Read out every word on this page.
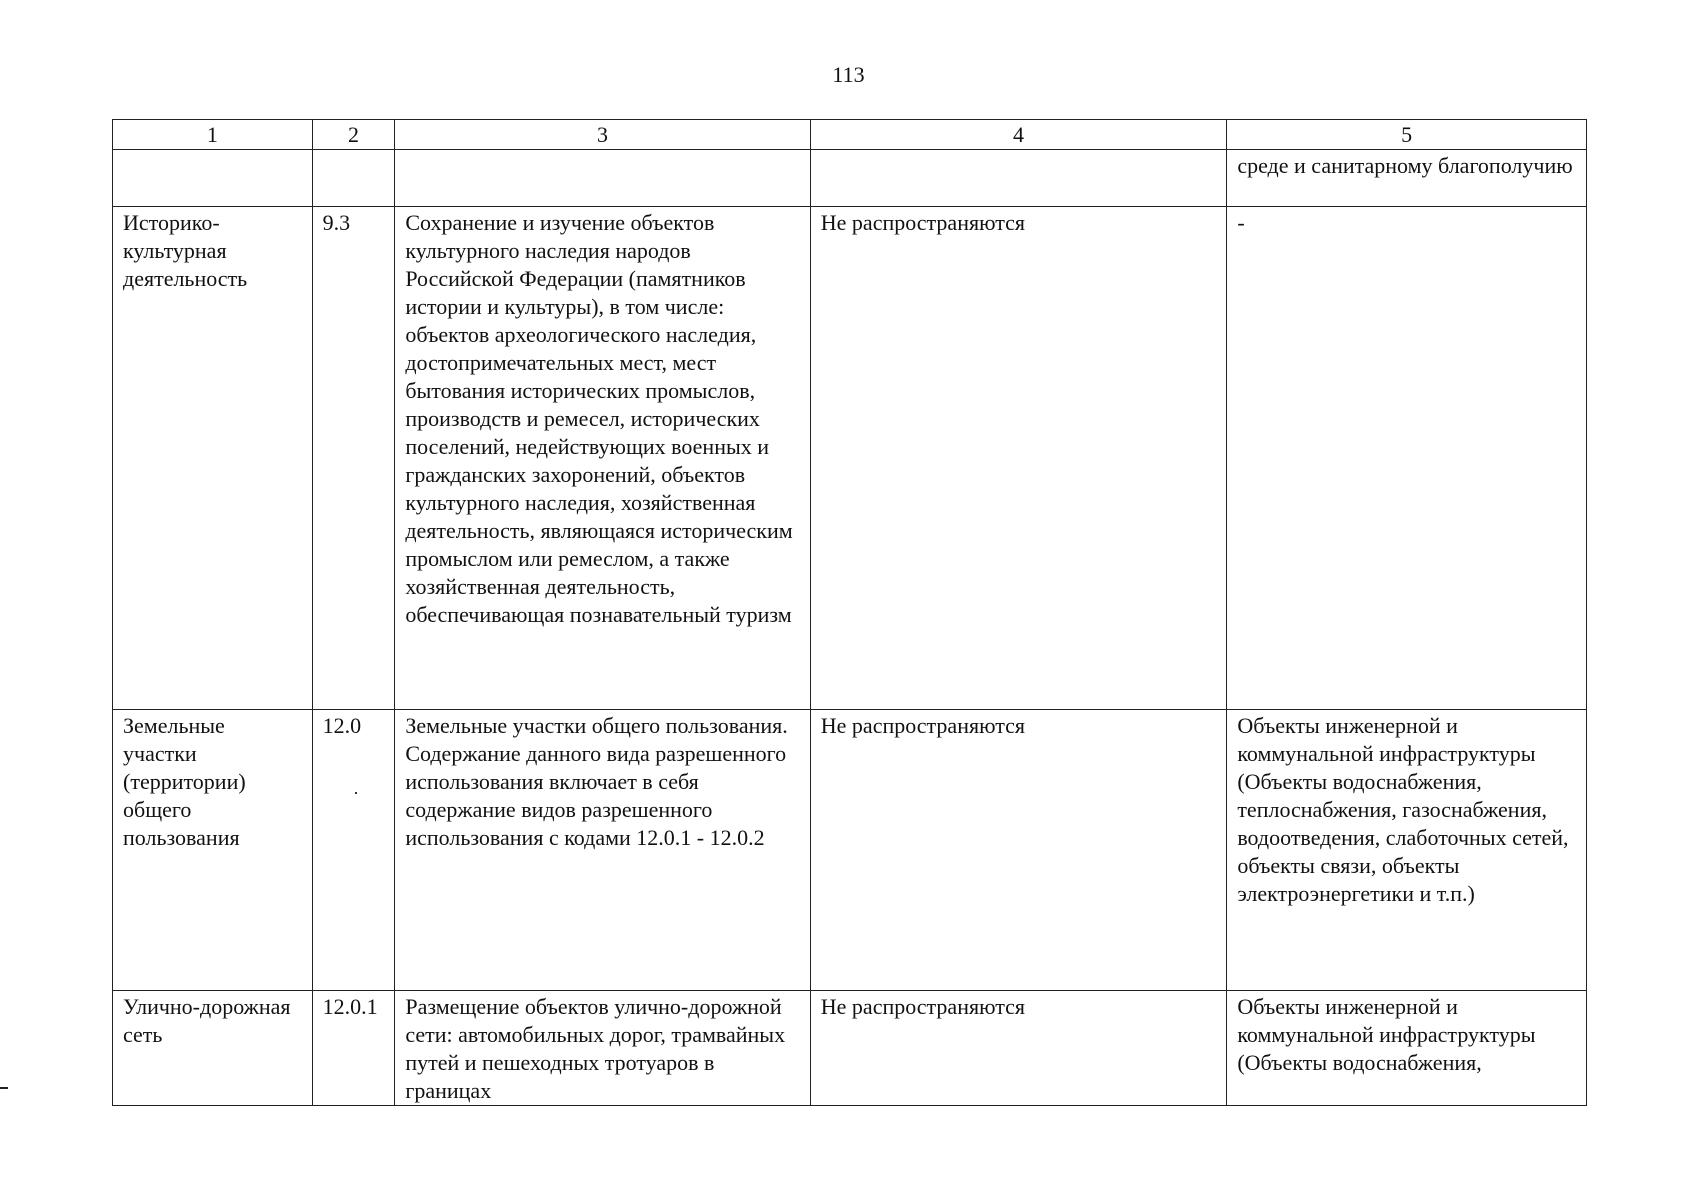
113
1	2	3	4	5
				среде и санитарному благополучию
Историко-культурная деятельность	9.3	Сохранение и изучение объектов культурного наследия народов Российской Федерации (памятников истории и культуры), в том числе: объектов археологического наследия, достопримечательных мест, мест бытования исторических промыслов, производств и ремесел, исторических поселений, недействующих военных и гражданских захоронений, объектов культурного наследия, хозяйственная деятельность, являющаяся историческим промыслом или ремеслом, а также хозяйственная деятельность, обеспечивающая познавательный туризм	Не распространяются	-
Земельные участки (территории) общего пользования	12.0	Земельные участки общего пользования. Содержание данного вида разрешенного использования включает в себя содержание видов разрешенного использования с кодами 12.0.1 - 12.0.2	Не распространяются	Объекты инженерной и коммунальной инфраструктуры (Объекты водоснабжения, теплоснабжения, газоснабжения, водоотведения, слаботочных сетей, объекты связи, объекты электроэнергетики и т.п.)
Улично-дорожная сеть	12.0.1	Размещение объектов улично-дорожной сети: автомобильных дорог, трамвайных путей и пешеходных тротуаров в границах	Не распространяются	Объекты инженерной и коммунальной инфраструктуры (Объекты водоснабжения,
